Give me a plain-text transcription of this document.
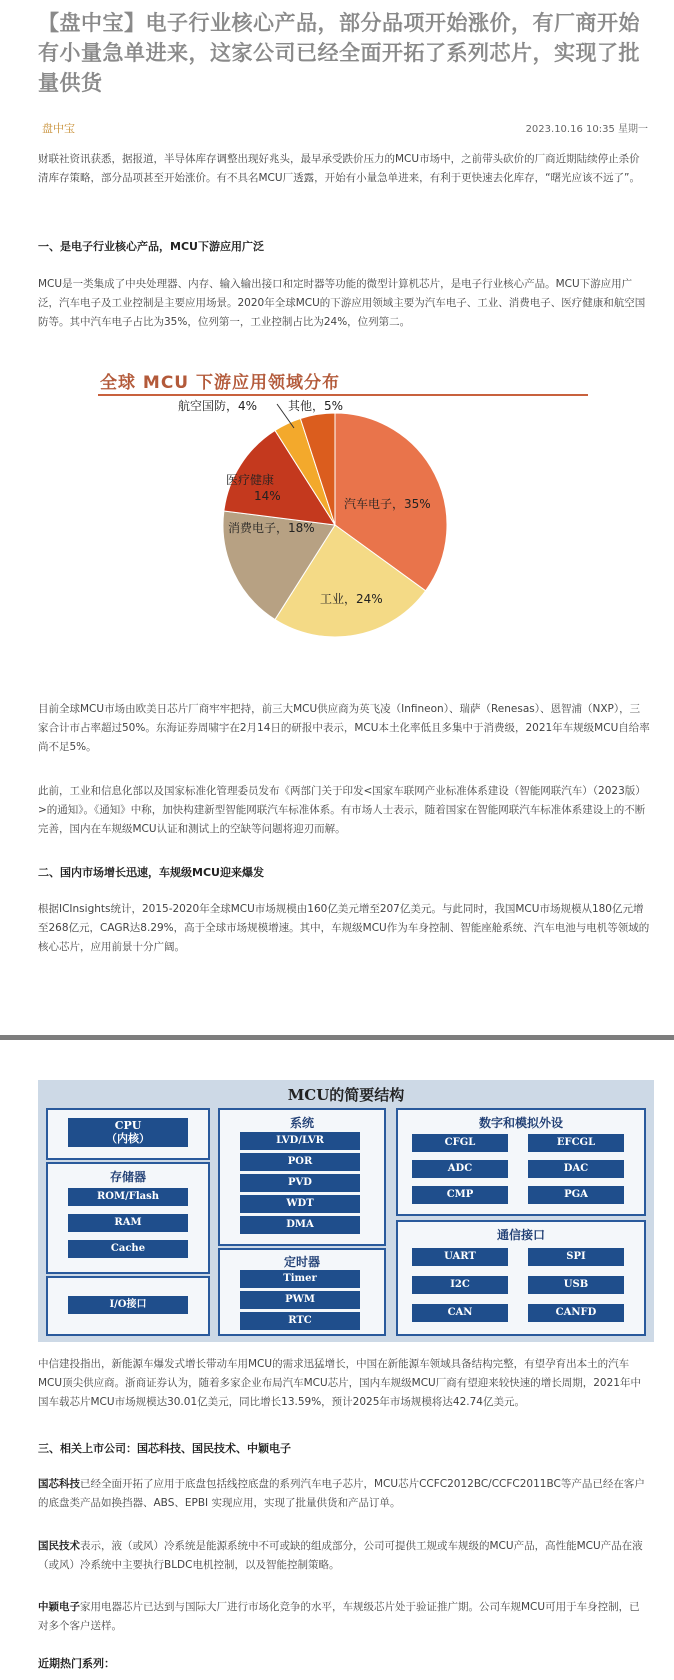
【盘中宝】电子行业核心产品，部分品项开始涨价，有厂商开始有小量急单进来，这家公司已经全面开拓了系列芯片，实现了批量供货
盘中宝	2023.10.16 10:35 星期一
财联社资讯获悉，据报道，半导体库存调整出现好兆头，最早承受跌价压力的MCU市场中，之前带头砍价的厂商近期陆续停止杀价清库存策略，部分品项甚至开始涨价。有不具名MCU厂透露，开始有小量急单进来，有利于更快速去化库存，“曙光应该不远了”。
一、是电子行业核心产品，MCU下游应用广泛
MCU是一类集成了中央处理器、内存、输入输出接口和定时器等功能的微型计算机芯片，是电子行业核心产品。MCU下游应用广泛，汽车电子及工业控制是主要应用场景。2020年全球MCU的下游应用领域主要为汽车电子、工业、消费电子、医疗健康和航空国防等。其中汽车电子占比为35%，位列第一，工业控制占比为24%，位列第二。
全球 MCU 下游应用领域分布
航空国防，4%	其他，5%
汽车电子，35%
工业，24%
消费电子，18%
医疗健康
14%
目前全球MCU市场由欧美日芯片厂商牢牢把持，前三大MCU供应商为英飞凌（Infineon）、瑞萨（Renesas）、恩智浦（NXP），三家合计市占率超过50%。东海证券周啸宇在2月14日的研报中表示，MCU本土化率低且多集中于消费级，2021年车规级MCU自给率尚不足5%。
此前，工业和信息化部以及国家标准化管理委员发布《两部门关于印发<国家车联网产业标准体系建设（智能网联汽车）（2023版）>的通知》。《通知》中称，加快构建新型智能网联汽车标准体系。有市场人士表示，随着国家在智能网联汽车标准体系建设上的不断完善，国内在车规级MCU认证和测试上的空缺等问题将迎刃而解。
二、国内市场增长迅速，车规级MCU迎来爆发
根据ICInsights统计，2015-2020年全球MCU市场规模由160亿美元增至207亿美元。与此同时，我国MCU市场规模从180亿元增至268亿元，CAGR达8.29%，高于全球市场规模增速。其中，车规级MCU作为车身控制、智能座舱系统、汽车电池与电机等领域的核心芯片，应用前景十分广阔。
MCU的简要结构
CPU
（内核）
存储器
ROM/Flash
RAM
Cache
I/O接口
系统
LVD/LVR
POR
PVD
WDT
DMA
定时器
Timer
PWM
RTC
数字和模拟外设
CFGL	EFCGL
ADC	DAC
CMP	PGA
通信接口
UART	SPI
I2C	USB
CAN	CANFD
中信建投指出，新能源车爆发式增长带动车用MCU的需求迅猛增长，中国在新能源车领域具备结构完整，有望孕育出本土的汽车MCU顶尖供应商。浙商证券认为，随着多家企业布局汽车MCU芯片，国内车规级MCU厂商有望迎来较快速的增长周期，2021年中国车载芯片MCU市场规模达30.01亿美元，同比增长13.59%，预计2025年市场规模将达42.74亿美元。
三、相关上市公司：国芯科技、国民技术、中颖电子
国芯科技已经全面开拓了应用于底盘包括线控底盘的系列汽车电子芯片，MCU芯片CCFC2012BC/CCFC2011BC等产品已经在客户的底盘类产品如换挡器、ABS、EPBI 实现应用，实现了批量供货和产品订单。
国民技术表示，液（或风）冷系统是能源系统中不可或缺的组成部分，公司可提供工规或车规级的MCU产品，高性能MCU产品在液（或风）冷系统中主要执行BLDC电机控制，以及智能控制策略。
中颖电子家用电器芯片已达到与国际大厂进行市场化竞争的水平，车规级芯片处于验证推广期。公司车规MCU可用于车身控制，已对多个客户送样。
近期热门系列：
